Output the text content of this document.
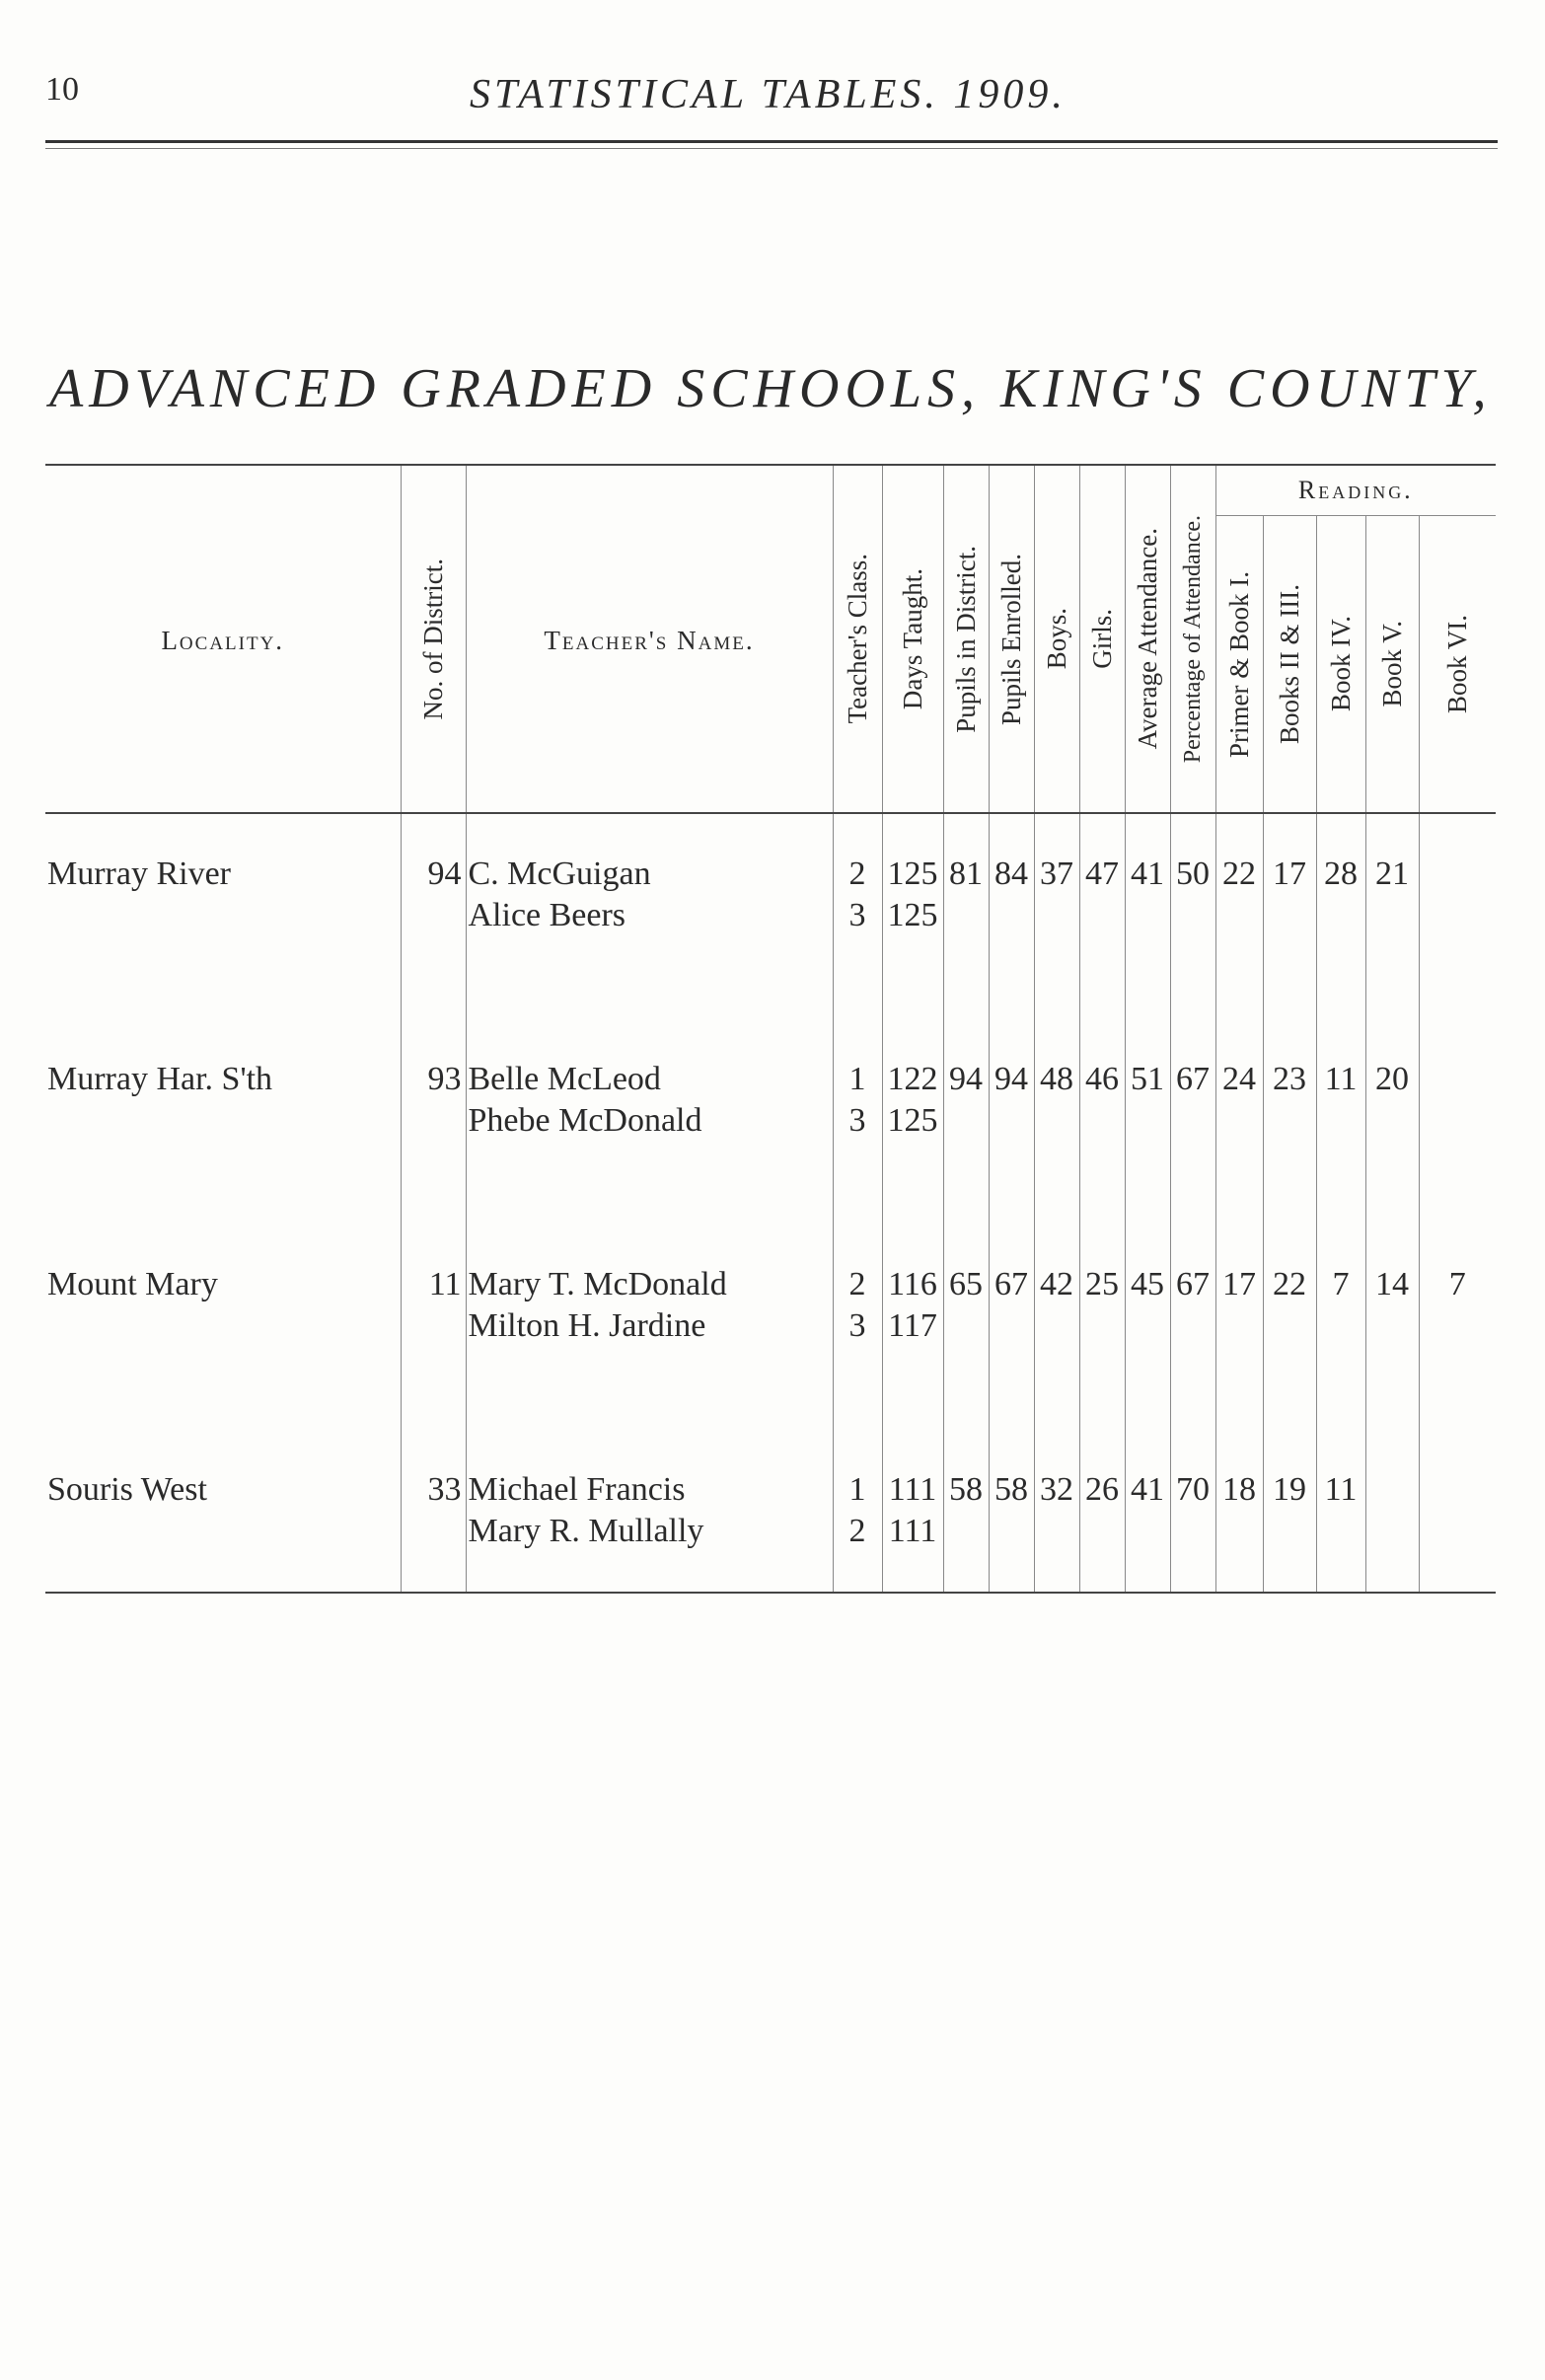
10	STATISTICAL TABLES. 1909.
ADVANCED GRADED SCHOOLS, KING'S COUNTY,
Locality.	No. of District.	Teacher's Name.	Teacher's Class.	Days Taught.	Pupils in District.	Pupils Enrolled.	Boys.	Girls.	Average Attendance.	Percentage of Attendance.	Reading.				

											Primer & Book I.	Books II & III.	Book IV.	Book V.	Book VI.

Murray River	94	C. McGuigan	2	125	81	84	37	47	41	50	22	17	28	21	
		Alice Beers	3	125											

Murray Har. S'th	93	Belle McLeod	1	122	94	94	48	46	51	67	24	23	11	20	
		Phebe McDonald	3	125											

Mount Mary	11	Mary T. McDonald	2	116	65	67	42	25	45	67	17	22	7	14	7
		Milton H. Jardine	3	117											

Souris West	33	Michael Francis	1	111	58	58	32	26	41	70	18	19	11		
		Mary R. Mullally	2	111											
